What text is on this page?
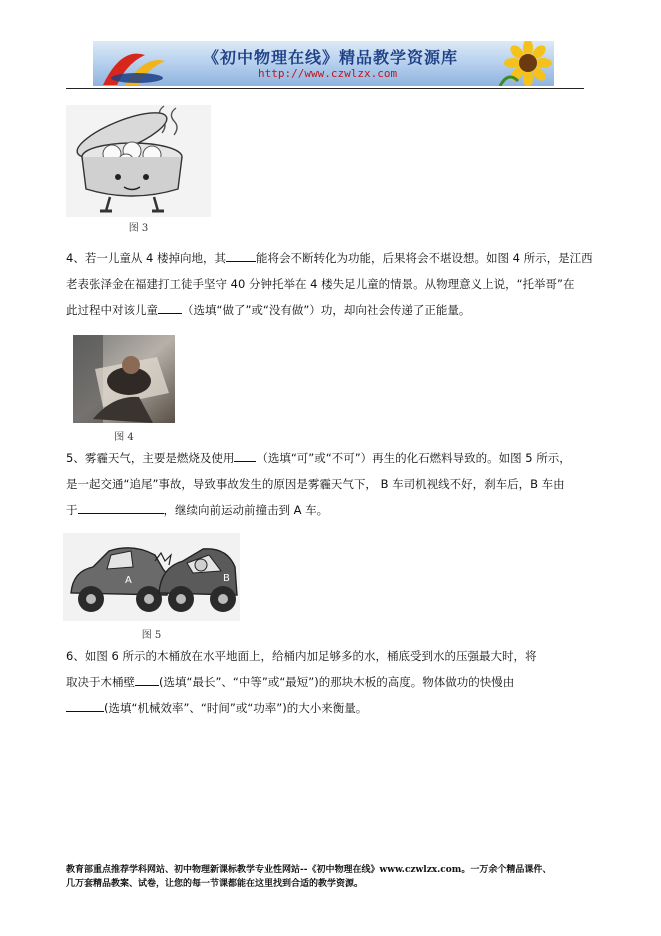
《初中物理在线》精品教学资源库
http://www.czwlzx.com
图 3
4、若一儿童从 4 楼掉向地，其	能将会不断转化为功能，后果将会不堪设想。如图 4 所示，是江西
老表张泽金在福建打工徒手坚守 40 分钟托举在 4 楼失足儿童的情景。从物理意义上说，“托举哥”在
此过程中对该儿童 （选填“做了”或“没有做”）功，却向社会传递了正能量。
图 4
5、雾霾天气，主要是燃烧及使用 （选填“可”或“不可”）再生的化石燃料导致的。如图 5 所示，
是一起交通“追尾”事故，导致事故发生的原因是雾霾天气下， B 车司机视线不好，刹车后，B 车由
于	，继续向前运动前撞击到 A 车。
A	B
图 5
6、如图 6 所示的木桶放在水平地面上，给桶内加足够多的水，桶底受到水的压强最大时，将
取决于木桶壁 (选填“最长”、“中等”或“最短”)的那块木板的高度。物体做功的快慢由
(选填“机械效率”、“时间”或“功率”)的大小来衡量。
教育部重点推荐学科网站、初中物理新课标教学专业性网站--《初中物理在线》www.czwlzx.com。一万余个精品课件、
几万套精品教案、试卷，让您的每一节课都能在这里找到合适的教学资源。
